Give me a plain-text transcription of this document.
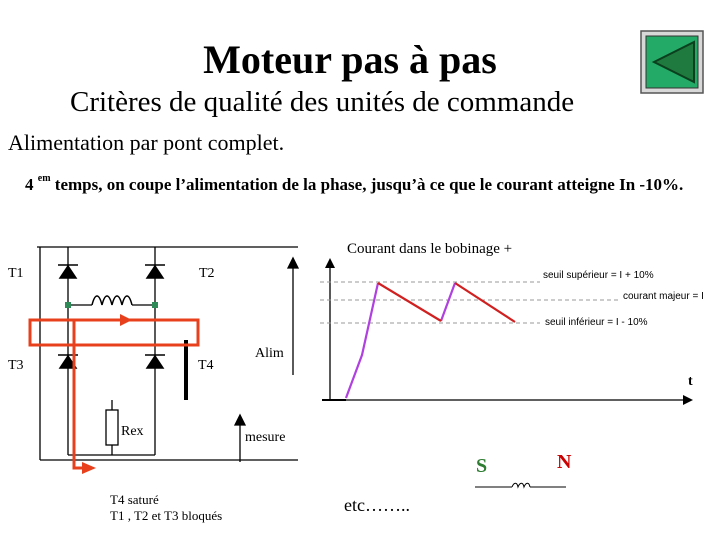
Moteur pas à pas
Critères de qualité des unités de commande
Alimentation par pont complet.
4 $^{em}$ temps, on coupe l’alimentation de la phase, jusqu’à ce que le courant atteigne In -10%.
T1	T2
T3	T4
Alim
Rex	mesure
T4 saturé
T1 , T2 et T3 bloqués
Courant dans le bobinage +
t
seuil supérieur = I + 10%
courant majeur = I
seuil inférieur = I - 10%
S	N
etc……..
